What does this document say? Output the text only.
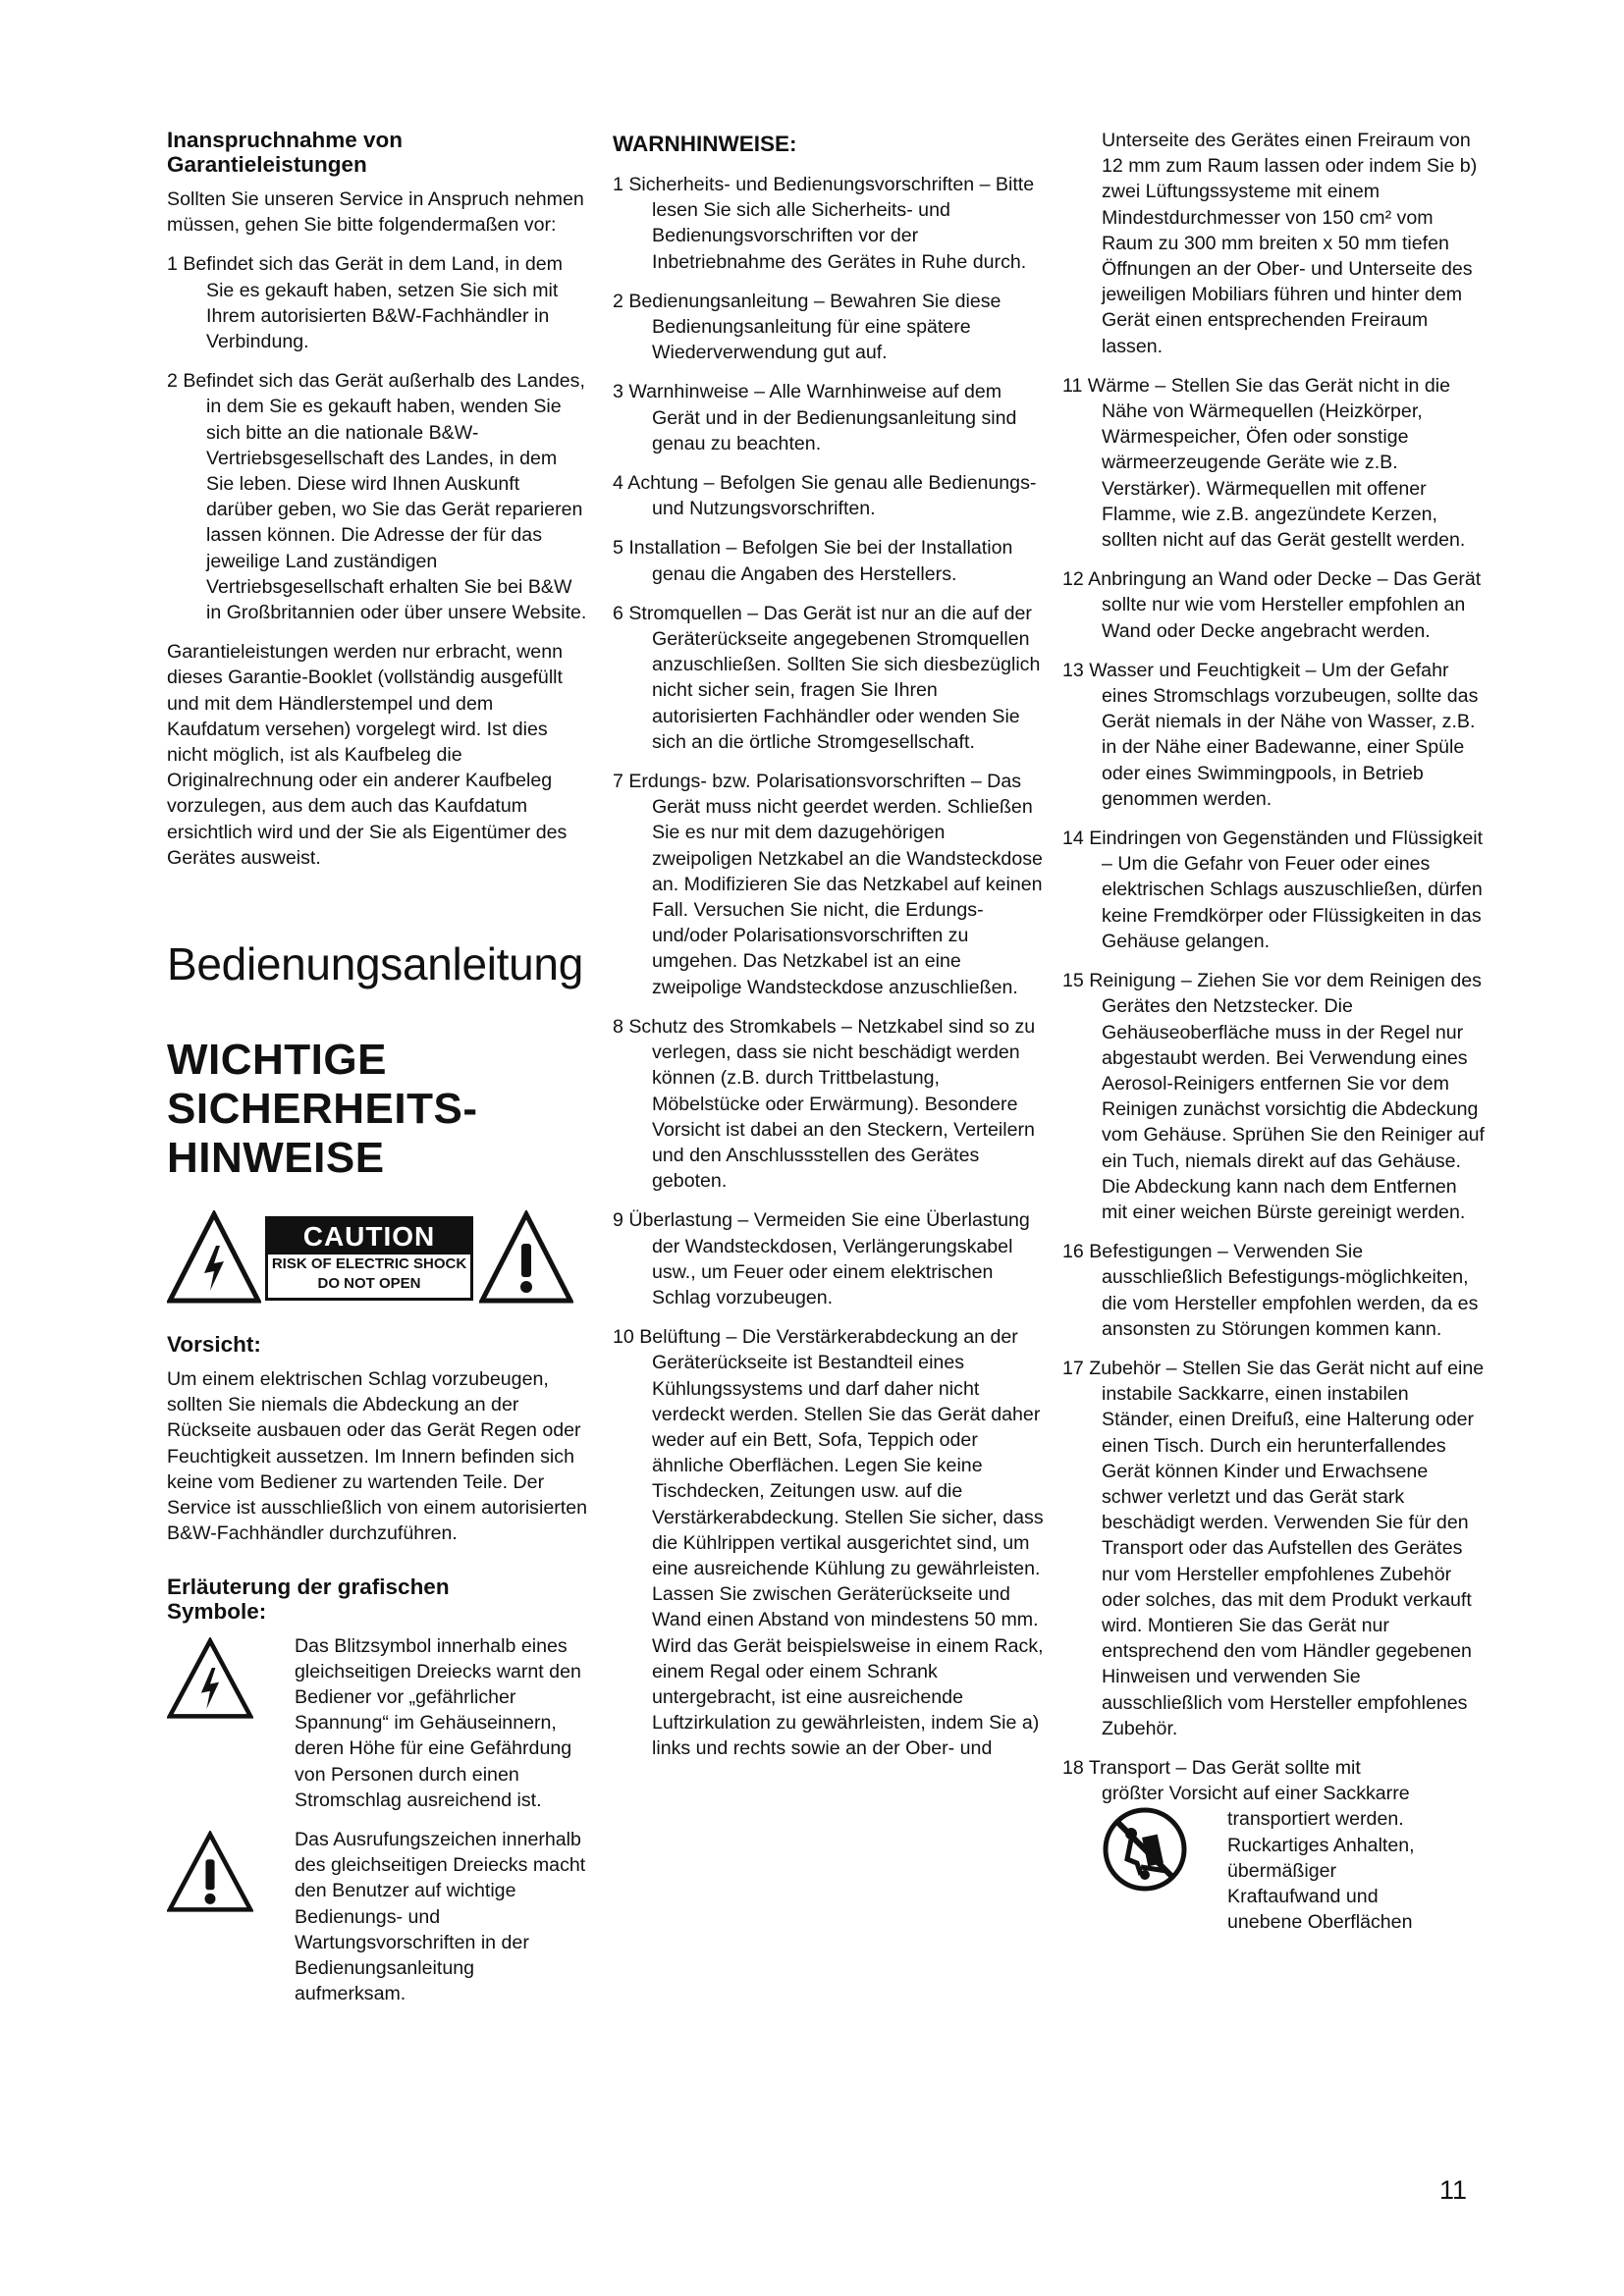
Inanspruchnahme von
Garantieleistungen

Sollten Sie unseren Service in Anspruch nehmen müssen, gehen Sie bitte folgendermaßen vor:

1 Befindet sich das Gerät in dem Land, in dem Sie es gekauft haben, setzen Sie sich mit Ihrem autorisierten B&W-Fachhändler in Verbindung.

2 Befindet sich das Gerät außerhalb des Landes, in dem Sie es gekauft haben, wenden Sie sich bitte an die nationale B&W-Vertriebsgesellschaft des Landes, in dem Sie leben. Diese wird Ihnen Auskunft darüber geben, wo Sie das Gerät reparieren lassen können. Die Adresse der für das jeweilige Land zuständigen Vertriebsgesellschaft erhalten Sie bei B&W in Großbritannien oder über unsere Website.

Garantieleistungen werden nur erbracht, wenn dieses Garantie-Booklet (vollständig ausgefüllt und mit dem Händlerstempel und dem Kaufdatum versehen) vorgelegt wird. Ist dies nicht möglich, ist als Kaufbeleg die Originalrechnung oder ein anderer Kaufbeleg vorzulegen, aus dem auch das Kaufdatum ersichtlich wird und der Sie als Eigentümer des Gerätes ausweist.

Bedienungsanleitung
WICHTIGE
SICHERHEITS-
HINWEISE
CAUTION
RISK OF ELECTRIC SHOCK
DO NOT OPEN

Vorsicht:

Um einem elektrischen Schlag vorzubeugen, sollten Sie niemals die Abdeckung an der Rückseite ausbauen oder das Gerät Regen oder Feuchtigkeit aussetzen. Im Innern befinden sich keine vom Bediener zu wartenden Teile. Der Service ist ausschließlich von einem autorisierten B&W-Fachhändler durchzuführen.

Erläuterung der grafischen
Symbole:

Das Blitzsymbol innerhalb eines gleichseitigen Dreiecks warnt den Bediener vor „gefährlicher Spannung“ im Gehäuseinnern, deren Höhe für eine Gefährdung von Personen durch einen Stromschlag ausreichend ist.

Das Ausrufungszeichen innerhalb des gleichseitigen Dreiecks macht den Benutzer auf wichtige Bedienungs- und Wartungsvorschriften in der Bedienungsanleitung aufmerksam.

WARNHINWEISE:

1 Sicherheits- und Bedienungsvorschriften – Bitte lesen Sie sich alle Sicherheits- und Bedienungsvorschriften vor der Inbetriebnahme des Gerätes in Ruhe durch.

2 Bedienungsanleitung – Bewahren Sie diese Bedienungsanleitung für eine spätere Wiederverwendung gut auf.

3 Warnhinweise – Alle Warnhinweise auf dem Gerät und in der Bedienungsanleitung sind genau zu beachten.

4 Achtung – Befolgen Sie genau alle Bedienungs- und Nutzungsvorschriften.

5 Installation – Befolgen Sie bei der Installation genau die Angaben des Herstellers.

6 Stromquellen – Das Gerät ist nur an die auf der Geräterückseite angegebenen Stromquellen anzuschließen. Sollten Sie sich diesbezüglich nicht sicher sein, fragen Sie Ihren autorisierten Fachhändler oder wenden Sie sich an die örtliche Stromgesellschaft.

7 Erdungs- bzw. Polarisationsvorschriften – Das Gerät muss nicht geerdet werden. Schließen Sie es nur mit dem dazugehörigen zweipoligen Netzkabel an die Wandsteckdose an. Modifizieren Sie das Netzkabel auf keinen Fall. Versuchen Sie nicht, die Erdungs- und/oder Polarisationsvorschriften zu umgehen. Das Netzkabel ist an eine zweipolige Wandsteckdose anzuschließen.

8 Schutz des Stromkabels – Netzkabel sind so zu verlegen, dass sie nicht beschädigt werden können (z.B. durch Trittbelastung, Möbelstücke oder Erwärmung). Besondere Vorsicht ist dabei an den Steckern, Verteilern und den Anschlussstellen des Gerätes geboten.

9 Überlastung – Vermeiden Sie eine Überlastung der Wandsteckdosen, Verlängerungskabel usw., um Feuer oder einem elektrischen Schlag vorzubeugen.

10 Belüftung – Die Verstärkerabdeckung an der Geräterückseite ist Bestandteil eines Kühlungssystems und darf daher nicht verdeckt werden. Stellen Sie das Gerät daher weder auf ein Bett, Sofa, Teppich oder ähnliche Oberflächen. Legen Sie keine Tischdecken, Zeitungen usw. auf die Verstärkerabdeckung. Stellen Sie sicher, dass die Kühlrippen vertikal ausgerichtet sind, um eine ausreichende Kühlung zu gewährleisten. Lassen Sie zwischen Geräterückseite und Wand einen Abstand von mindestens 50 mm. Wird das Gerät beispielsweise in einem Rack, einem Regal oder einem Schrank untergebracht, ist eine ausreichende Luftzirkulation zu gewährleisten, indem Sie a) links und rechts sowie an der Ober- und

Unterseite des Gerätes einen Freiraum von 12 mm zum Raum lassen oder indem Sie b) zwei Lüftungssysteme mit einem Mindestdurchmesser von 150 cm² vom Raum zu 300 mm breiten x 50 mm tiefen Öffnungen an der Ober- und Unterseite des jeweiligen Mobiliars führen und hinter dem Gerät einen entsprechenden Freiraum lassen.

11 Wärme – Stellen Sie das Gerät nicht in die Nähe von Wärmequellen (Heizkörper, Wärmespeicher, Öfen oder sonstige wärmeerzeugende Geräte wie z.B. Verstärker). Wärmequellen mit offener Flamme, wie z.B. angezündete Kerzen, sollten nicht auf das Gerät gestellt werden.

12 Anbringung an Wand oder Decke – Das Gerät sollte nur wie vom Hersteller empfohlen an Wand oder Decke angebracht werden.

13 Wasser und Feuchtigkeit – Um der Gefahr eines Stromschlags vorzubeugen, sollte das Gerät niemals in der Nähe von Wasser, z.B. in der Nähe einer Badewanne, einer Spüle oder eines Swimmingpools, in Betrieb genommen werden.

14 Eindringen von Gegenständen und Flüssigkeit – Um die Gefahr von Feuer oder eines elektrischen Schlags auszuschließen, dürfen keine Fremdkörper oder Flüssigkeiten in das Gehäuse gelangen.

15 Reinigung – Ziehen Sie vor dem Reinigen des Gerätes den Netzstecker. Die Gehäuseoberfläche muss in der Regel nur abgestaubt werden. Bei Verwendung eines Aerosol-Reinigers entfernen Sie vor dem Reinigen zunächst vorsichtig die Abdeckung vom Gehäuse. Sprühen Sie den Reiniger auf ein Tuch, niemals direkt auf das Gehäuse. Die Abdeckung kann nach dem Entfernen mit einer weichen Bürste gereinigt werden.

16 Befestigungen – Verwenden Sie ausschließlich Befestigungs-möglichkeiten, die vom Hersteller empfohlen werden, da es ansonsten zu Störungen kommen kann.

17 Zubehör – Stellen Sie das Gerät nicht auf eine instabile Sackkarre, einen instabilen Ständer, einen Dreifuß, eine Halterung oder einen Tisch. Durch ein herunterfallendes Gerät können Kinder und Erwachsene schwer verletzt und das Gerät stark beschädigt werden. Verwenden Sie für den Transport oder das Aufstellen des Gerätes nur vom Hersteller empfohlenes Zubehör oder solches, das mit dem Produkt verkauft wird. Montieren Sie das Gerät nur entsprechend den vom Händler gegebenen Hinweisen und verwenden Sie ausschließlich vom Hersteller empfohlenes Zubehör.

18 Transport – Das Gerät sollte mit

größter Vorsicht auf einer Sackkarre

transportiert werden.

Ruckartiges Anhalten,

übermäßiger

Kraftaufwand und

unebene Oberflächen

11
